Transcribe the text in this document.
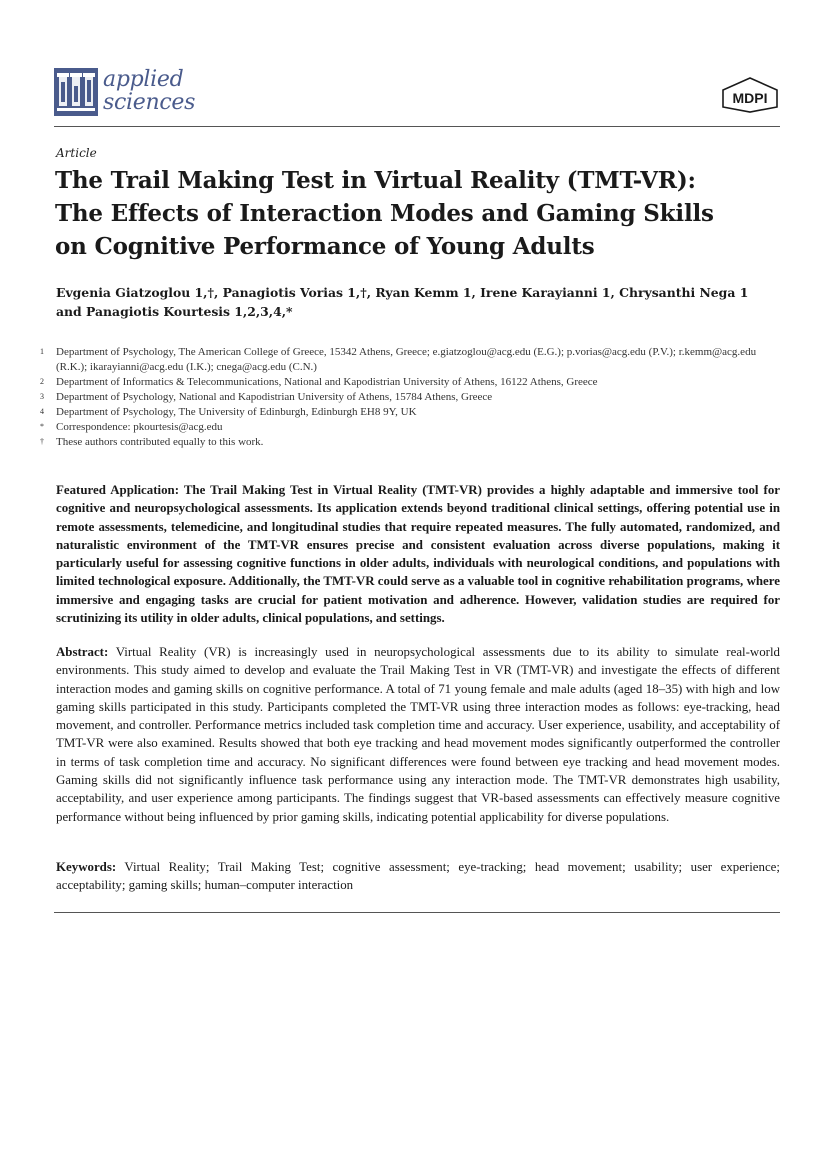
applied
sciences	MDPI
Article
The Trail Making Test in Virtual Reality (TMT-VR): The Effects of Interaction Modes and Gaming Skills on Cognitive Performance of Young Adults

Evgenia Giatzoglou 1,†, Panagiotis Vorias 1,†, Ryan Kemm 1, Irene Karayianni 1, Chrysanthi Nega 1 and Panagiotis Kourtesis 1,2,3,4,*

1	Department of Psychology, The American College of Greece, 15342 Athens, Greece; e.giatzoglou@acg.edu (E.G.); p.vorias@acg.edu (P.V.); r.kemm@acg.edu (R.K.); ikarayianni@acg.edu (I.K.); cnega@acg.edu (C.N.)
2	Department of Informatics & Telecommunications, National and Kapodistrian University of Athens, 16122 Athens, Greece
3	Department of Psychology, National and Kapodistrian University of Athens, 15784 Athens, Greece
4	Department of Psychology, The University of Edinburgh, Edinburgh EH8 9Y, UK
*	Correspondence: pkourtesis@acg.edu
†	These authors contributed equally to this work.

Featured Application: The Trail Making Test in Virtual Reality (TMT-VR) provides a highly adaptable and immersive tool for cognitive and neuropsychological assessments. Its application extends beyond traditional clinical settings, offering potential use in remote assessments, telemedicine, and longitudinal studies that require repeated measures. The fully automated, randomized, and naturalistic environment of the TMT-VR ensures precise and consistent evaluation across diverse populations, making it particularly useful for assessing cognitive functions in older adults, individuals with neurological conditions, and populations with limited technological exposure. Additionally, the TMT-VR could serve as a valuable tool in cognitive rehabilitation programs, where immersive and engaging tasks are crucial for patient motivation and adherence. However, validation studies are required for scrutinizing its utility in older adults, clinical populations, and settings.

Abstract: Virtual Reality (VR) is increasingly used in neuropsychological assessments due to its ability to simulate real-world environments. This study aimed to develop and evaluate the Trail Making Test in VR (TMT-VR) and investigate the effects of different interaction modes and gaming skills on cognitive performance. A total of 71 young female and male adults (aged 18–35) with high and low gaming skills participated in this study. Participants completed the TMT-VR using three interaction modes as follows: eye-tracking, head movement, and controller. Performance metrics included task completion time and accuracy. User experience, usability, and acceptability of TMT-VR were also examined. Results showed that both eye tracking and head movement modes significantly outperformed the controller in terms of task completion time and accuracy. No significant differences were found between eye tracking and head movement modes. Gaming skills did not significantly influence task performance using any interaction mode. The TMT-VR demonstrates high usability, acceptability, and user experience among participants. The findings suggest that VR-based assessments can effectively measure cognitive performance without being influenced by prior gaming skills, indicating potential applicability for diverse populations.

Keywords: Virtual Reality; Trail Making Test; cognitive assessment; eye-tracking; head movement; usability; user experience; acceptability; gaming skills; human–computer interaction
